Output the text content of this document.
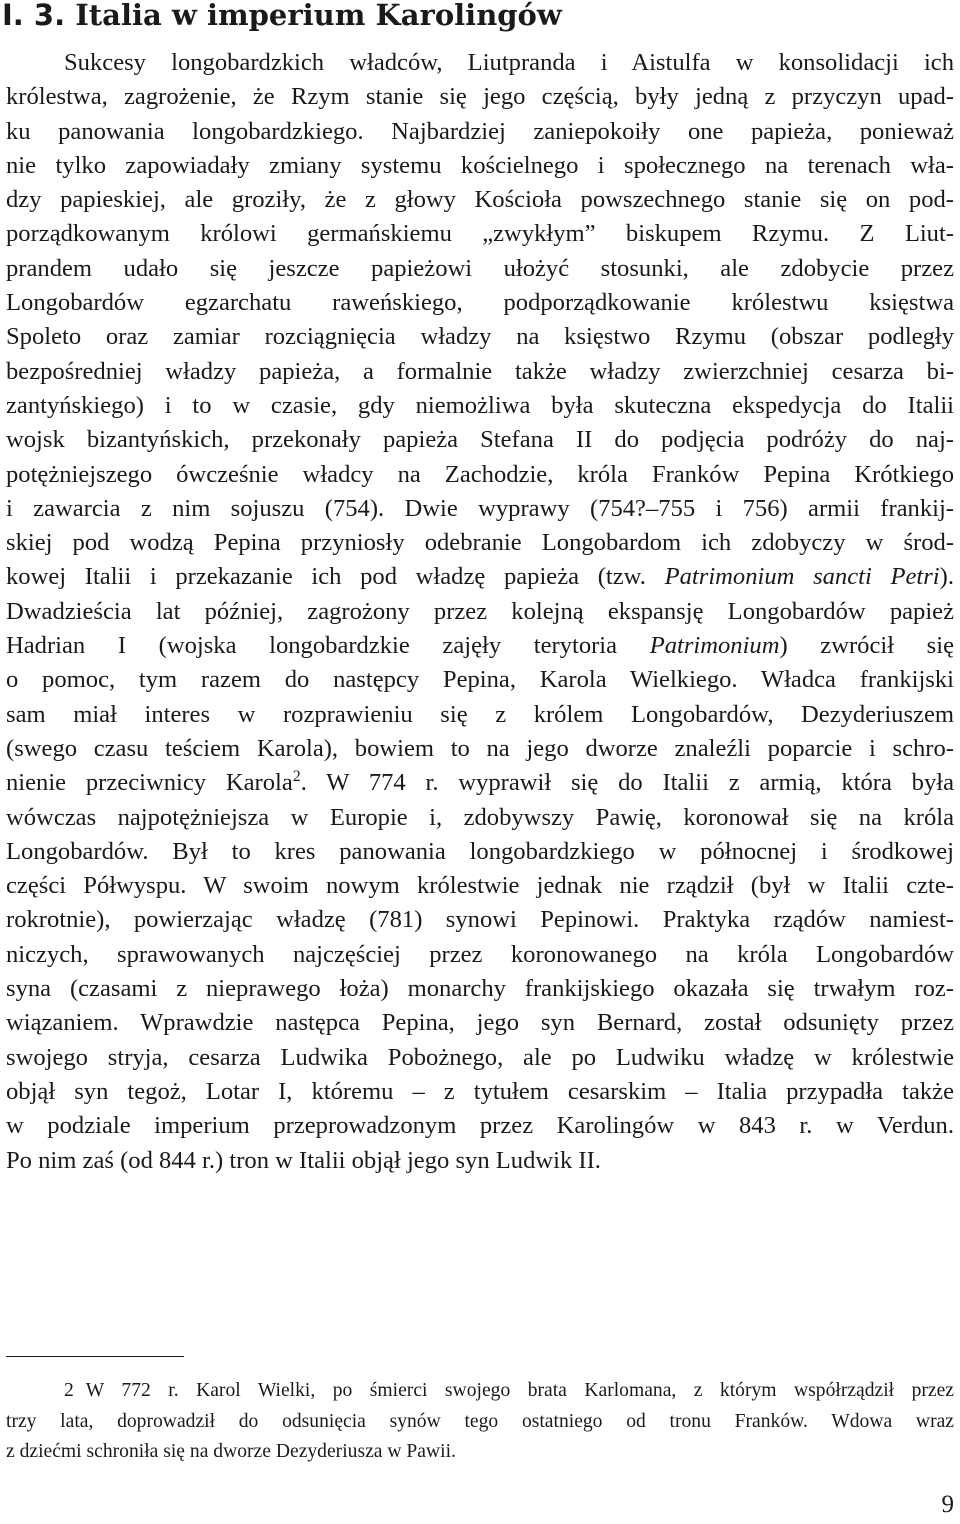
I. 3. Italia w imperium Karolingów

Sukcesy longobardzkich władców, Liutpranda i Aistulfa w konsolidacji ich
królestwa, zagrożenie, że Rzym stanie się jego częścią, były jedną z przyczyn upad-
ku panowania longobardzkiego. Najbardziej zaniepokoiły one papieża, ponieważ
nie tylko zapowiadały zmiany systemu kościelnego i społecznego na terenach wła-
dzy papieskiej, ale groziły, że z głowy Kościoła powszechnego stanie się on pod-
porządkowanym królowi germańskiemu „zwykłym” biskupem Rzymu. Z Liut-
prandem udało się jeszcze papieżowi ułożyć stosunki, ale zdobycie przez
Longobardów egzarchatu raweńskiego, podporządkowanie królestwu księstwa
Spoleto oraz zamiar rozciągnięcia władzy na księstwo Rzymu (obszar podległy
bezpośredniej władzy papieża, a formalnie także władzy zwierzchniej cesarza bi-
zantyńskiego) i to w czasie, gdy niemożliwa była skuteczna ekspedycja do Italii
wojsk bizantyńskich, przekonały papieża Stefana II do podjęcia podróży do naj-
potężniejszego ówcześnie władcy na Zachodzie, króla Franków Pepina Krótkiego
i zawarcia z nim sojuszu (754). Dwie wyprawy (754?–755 i 756) armii frankij-
skiej pod wodzą Pepina przyniosły odebranie Longobardom ich zdobyczy w środ-
kowej Italii i przekazanie ich pod władzę papieża (tzw. Patrimonium sancti Petri).
Dwadzieścia lat później, zagrożony przez kolejną ekspansję Longobardów papież
Hadrian I (wojska longobardzkie zajęły terytoria Patrimonium) zwrócił się
o pomoc, tym razem do następcy Pepina, Karola Wielkiego. Władca frankijski
sam miał interes w rozprawieniu się z królem Longobardów, Dezyderiuszem
(swego czasu teściem Karola), bowiem to na jego dworze znaleźli poparcie i schro-
nienie przeciwnicy Karola$^2$. W 774 r. wyprawił się do Italii z armią, która była
wówczas najpotężniejsza w Europie i, zdobywszy Pawię, koronował się na króla
Longobardów. Był to kres panowania longobardzkiego w północnej i środkowej
części Półwyspu. W swoim nowym królestwie jednak nie rządził (był w Italii czte-
rokrotnie), powierzając władzę (781) synowi Pepinowi. Praktyka rządów namiest-
niczych, sprawowanych najczęściej przez koronowanego na króla Longobardów
syna (czasami z nieprawego łoża) monarchy frankijskiego okazała się trwałym roz-
wiązaniem. Wprawdzie następca Pepina, jego syn Bernard, został odsunięty przez
swojego stryja, cesarza Ludwika Pobożnego, ale po Ludwiku władzę w królestwie
objął syn tegoż, Lotar I, któremu – z tytułem cesarskim – Italia przypadła także
w podziale imperium przeprowadzonym przez Karolingów w 843 r. w Verdun.
Po nim zaś (od 844 r.) tron w Italii objął jego syn Ludwik II.

2 W 772 r. Karol Wielki, po śmierci swojego brata Karlomana, z którym współrządził przez
trzy lata, doprowadził do odsunięcia synów tego ostatniego od tronu Franków. Wdowa wraz
z dziećmi schroniła się na dworze Dezyderiusza w Pawii.

9
